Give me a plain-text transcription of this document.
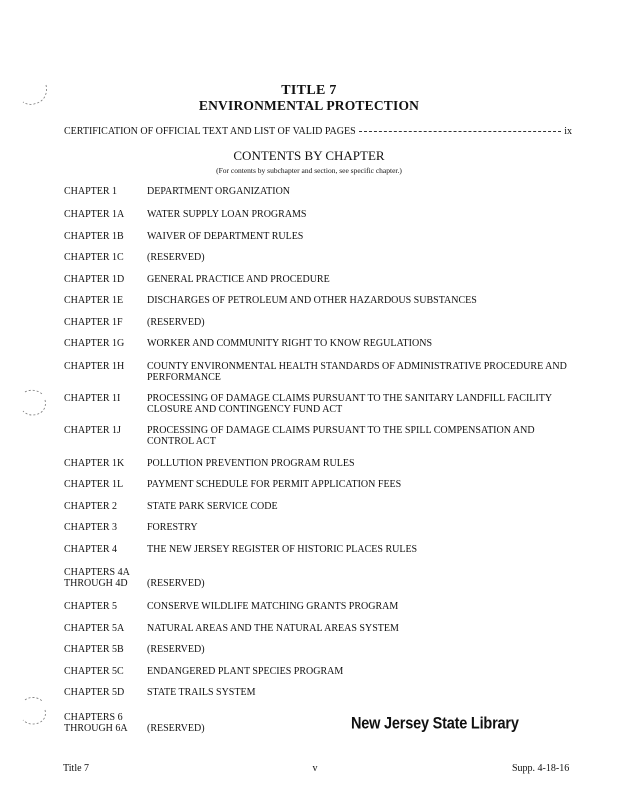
TITLE 7
ENVIRONMENTAL PROTECTION
CERTIFICATION OF OFFICIAL TEXT AND LIST OF VALID PAGES	ix
CONTENTS BY CHAPTER
(For contents by subchapter and section, see specific chapter.)
CHAPTER 1	DEPARTMENT ORGANIZATION
CHAPTER 1A	WATER SUPPLY LOAN PROGRAMS
CHAPTER 1B	WAIVER OF DEPARTMENT RULES
CHAPTER 1C	(RESERVED)
CHAPTER 1D	GENERAL PRACTICE AND PROCEDURE
CHAPTER 1E	DISCHARGES OF PETROLEUM AND OTHER HAZARDOUS SUBSTANCES
CHAPTER 1F	(RESERVED)
CHAPTER 1G	WORKER AND COMMUNITY RIGHT TO KNOW REGULATIONS
CHAPTER 1H	COUNTY ENVIRONMENTAL HEALTH STANDARDS OF ADMINISTRATIVE PROCEDURE AND PERFORMANCE
CHAPTER 1I	PROCESSING OF DAMAGE CLAIMS PURSUANT TO THE SANITARY LANDFILL FACILITY CLOSURE AND CONTINGENCY FUND ACT
CHAPTER 1J	PROCESSING OF DAMAGE CLAIMS PURSUANT TO THE SPILL COMPENSATION AND CONTROL ACT
CHAPTER 1K	POLLUTION PREVENTION PROGRAM RULES
CHAPTER 1L	PAYMENT SCHEDULE FOR PERMIT APPLICATION FEES
CHAPTER 2	STATE PARK SERVICE CODE
CHAPTER 3	FORESTRY
CHAPTER 4	THE NEW JERSEY REGISTER OF HISTORIC PLACES RULES
CHAPTERS 4A THROUGH 4D	(RESERVED)
CHAPTER 5	CONSERVE WILDLIFE MATCHING GRANTS PROGRAM
CHAPTER 5A	NATURAL AREAS AND THE NATURAL AREAS SYSTEM
CHAPTER 5B	(RESERVED)
CHAPTER 5C	ENDANGERED PLANT SPECIES PROGRAM
CHAPTER 5D	STATE TRAILS SYSTEM
CHAPTERS 6 THROUGH 6A	(RESERVED)	New Jersey State Library
Title 7	v	Supp. 4-18-16
